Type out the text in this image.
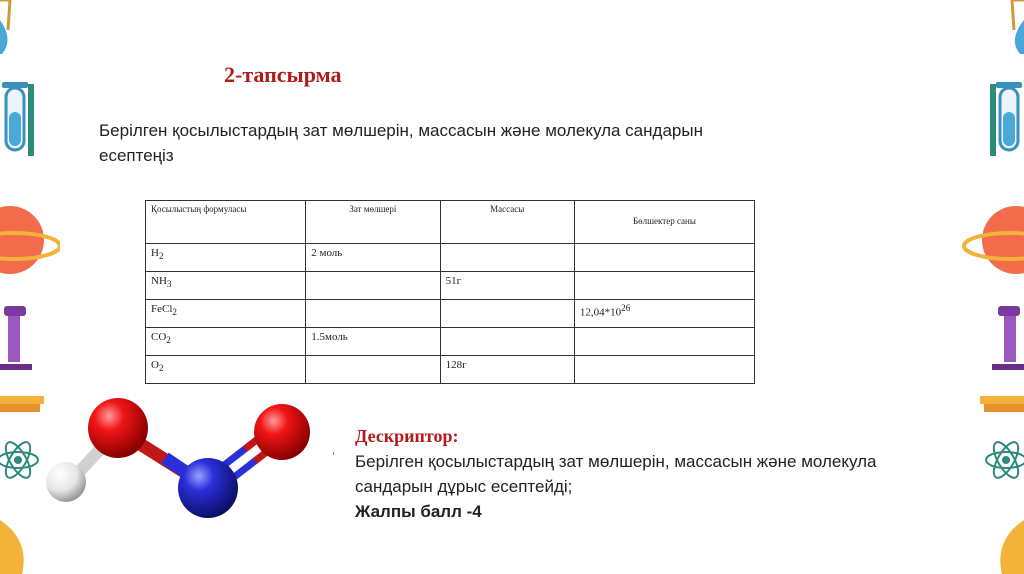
2-тапсырма
Берілген қосылыстардың зат мөлшерін, массасын және молекула сандарын есептеңіз
Қосылыстың формуласы	Зат мөлшері	Массасы	Бөлшектер саны

$H_2$	2 моль		
$NH_3$		51г	
FeCl$_2$			$12,04*10^{26}$
$CO_2$	1.5моль		
$O_2$		128г	
Дескриптор:
Берілген қосылыстардың зат мөлшерін, массасын және молекула сандарын дұрыс есептейді;
Жалпы балл -4
